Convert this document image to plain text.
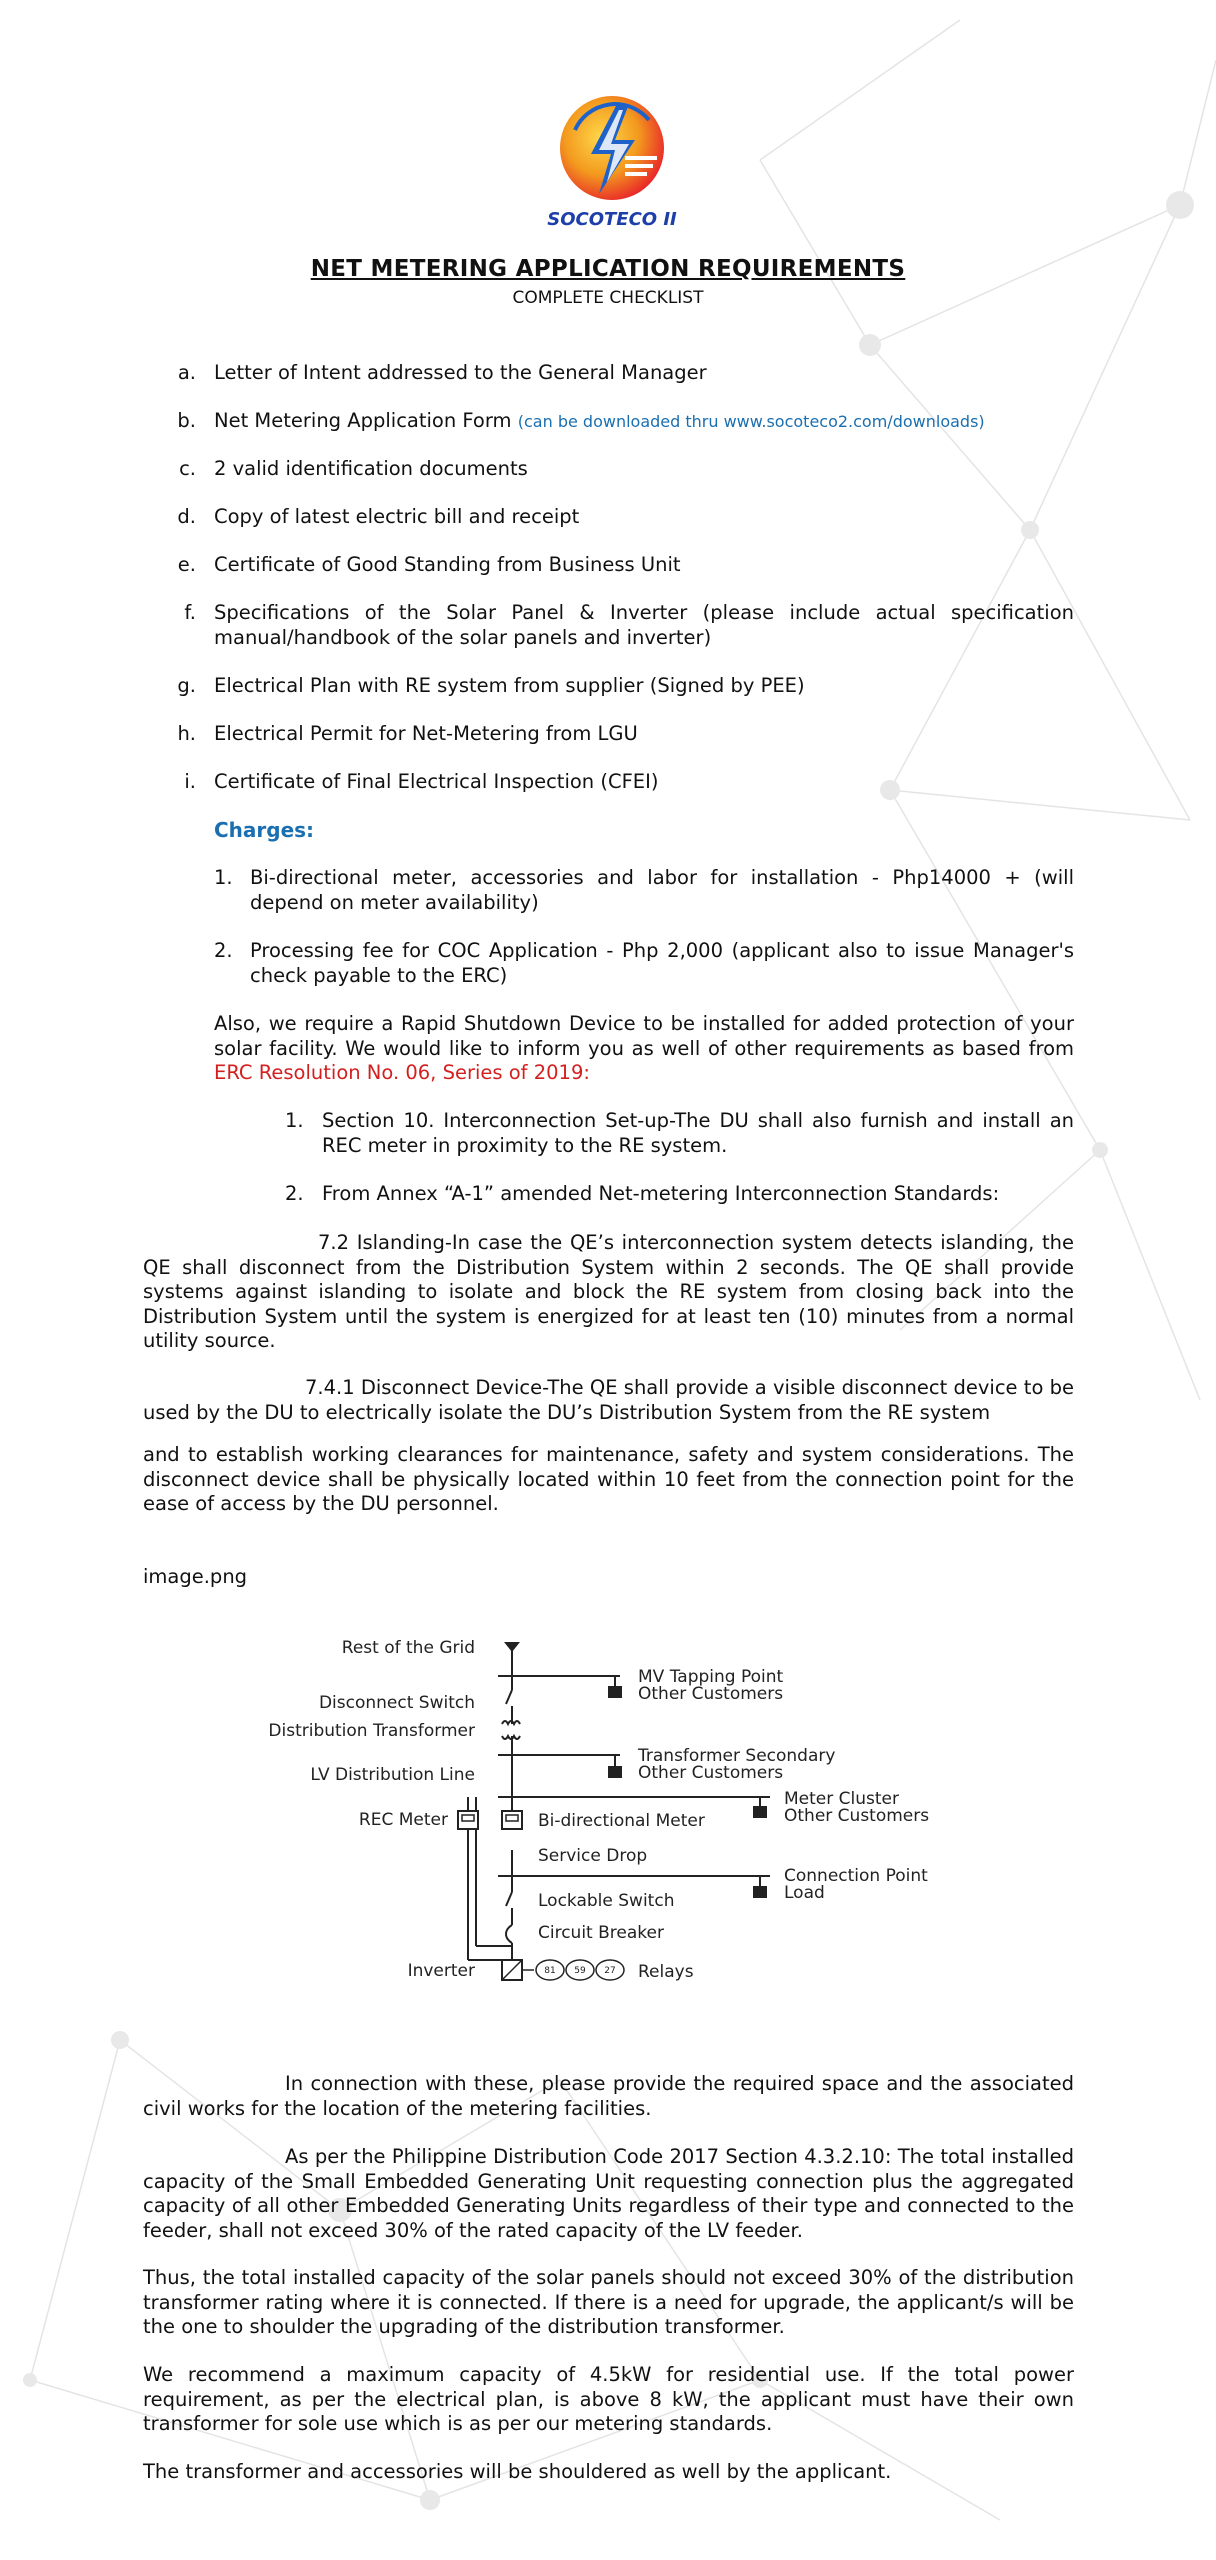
SOCOTECO II
NET METERING APPLICATION REQUIREMENTS
COMPLETE CHECKLIST
a. Letter of Intent addressed to the General Manager
b. Net Metering Application Form (can be downloaded thru www.socoteco2.com/downloads)
c. 2 valid identification documents
d. Copy of latest electric bill and receipt
e. Certificate of Good Standing from Business Unit
f. Specifications of the Solar Panel & Inverter (please include actual specification manual/handbook of the solar panels and inverter)
g. Electrical Plan with RE system from supplier (Signed by PEE)
h. Electrical Permit for Net-Metering from LGU
i. Certificate of Final Electrical Inspection (CFEI)
Charges:
1. Bi-directional meter, accessories and labor for installation - Php14000 + (will depend on meter availability)
2. Processing fee for COC Application - Php 2,000 (applicant also to issue Manager's check payable to the ERC)
Also, we require a Rapid Shutdown Device to be installed for added protection of your solar facility. We would like to inform you as well of other requirements as based from ERC Resolution No. 06, Series of 2019:
1. Section 10. Interconnection Set-up-The DU shall also furnish and install an REC meter in proximity to the RE system.
2. From Annex “A-1” amended Net-metering Interconnection Standards:
7.2 Islanding-In case the QE’s interconnection system detects islanding, the QE shall disconnect from the Distribution System within 2 seconds. The QE shall provide systems against islanding to isolate and block the RE system from closing back into the Distribution System until the system is energized for at least ten (10) minutes from a normal utility source.
7.4.1 Disconnect Device-The QE shall provide a visible disconnect device to be used by the DU to electrically isolate the DU’s Distribution System from the RE system
and to establish working clearances for maintenance, safety and system considerations. The disconnect device shall be physically located within 10 feet from the connection point for the ease of access by the DU personnel.
image.png
81 59 27
Rest of the Grid
Disconnect Switch
Distribution Transformer
LV Distribution Line
REC Meter
Inverter
MV Tapping Point
Other Customers
Transformer Secondary
Other Customers
Bi-directional Meter
Meter Cluster
Other Customers
Service Drop
Connection Point
Load
Lockable Switch
Circuit Breaker
Relays
In connection with these, please provide the required space and the associated civil works for the location of the metering facilities.
As per the Philippine Distribution Code 2017 Section 4.3.2.10: The total installed capacity of the Small Embedded Generating Unit requesting connection plus the aggregated capacity of all other Embedded Generating Units regardless of their type and connected to the feeder, shall not exceed 30% of the rated capacity of the LV feeder.
Thus, the total installed capacity of the solar panels should not exceed 30% of the distribution transformer rating where it is connected. If there is a need for upgrade, the applicant/s will be the one to shoulder the upgrading of the distribution transformer.
We recommend a maximum capacity of 4.5kW for residential use. If the total power requirement, as per the electrical plan, is above 8 kW, the applicant must have their own transformer for sole use which is as per our metering standards.
The transformer and accessories will be shouldered as well by the applicant.
